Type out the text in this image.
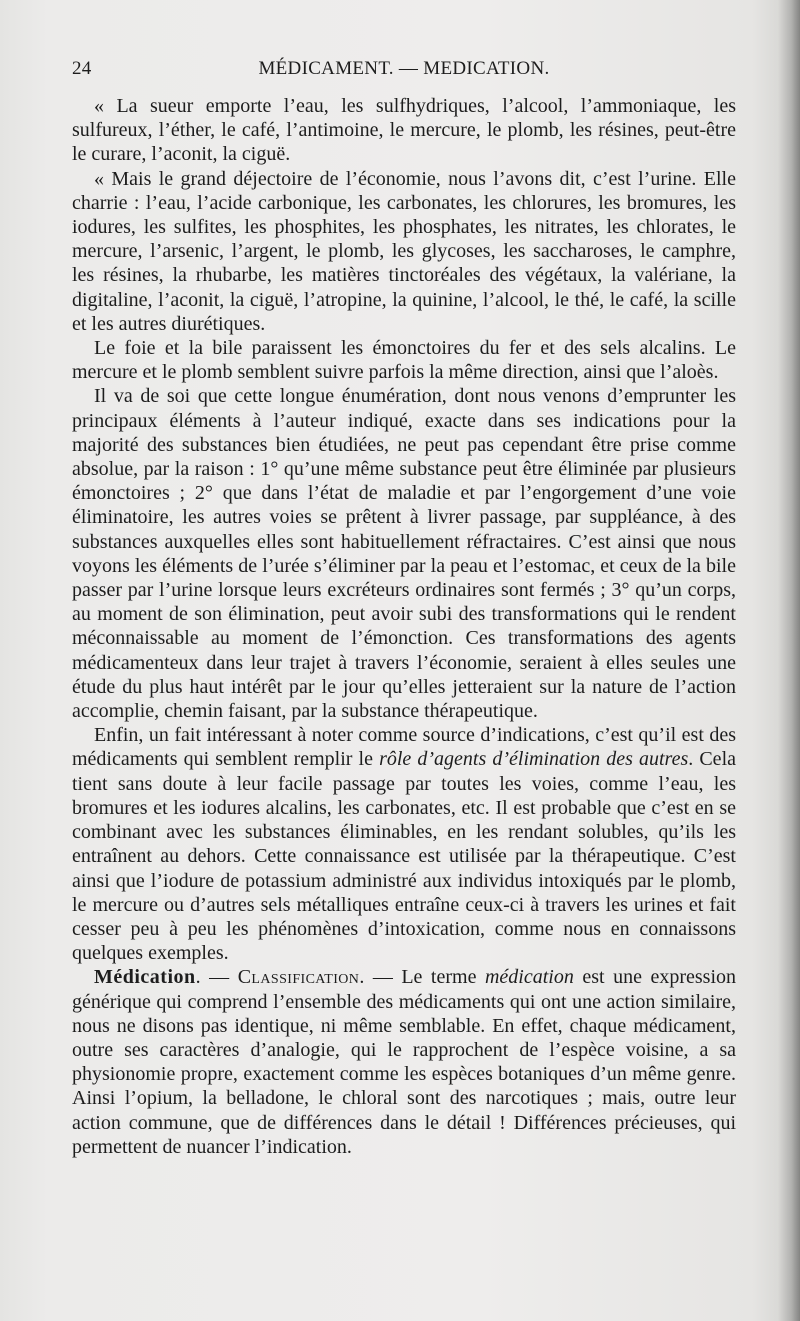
24	MÉDICAMENT. — MEDICATION.

« La sueur emporte l’eau, les sulfhydriques, l’alcool, l’ammoniaque, les sulfureux, l’éther, le café, l’antimoine, le mercure, le plomb, les résines, peut-être le curare, l’aconit, la ciguë.

« Mais le grand déjectoire de l’économie, nous l’avons dit, c’est l’urine. Elle charrie : l’eau, l’acide carbonique, les carbonates, les chlorures, les bromures, les iodures, les sulfites, les phosphites, les phosphates, les nitrates, les chlorates, le mercure, l’arsenic, l’argent, le plomb, les glycoses, les saccharoses, le camphre, les résines, la rhubarbe, les matières tinctoréales des végétaux, la valériane, la digitaline, l’aconit, la ciguë, l’atropine, la quinine, l’alcool, le thé, le café, la scille et les autres diurétiques.

Le foie et la bile paraissent les émonctoires du fer et des sels alcalins. Le mercure et le plomb semblent suivre parfois la même direction, ainsi que l’aloès.

Il va de soi que cette longue énumération, dont nous venons d’emprunter les principaux éléments à l’auteur indiqué, exacte dans ses indications pour la majorité des substances bien étudiées, ne peut pas cependant être prise comme absolue, par la raison : 1° qu’une même substance peut être éliminée par plusieurs émonctoires ; 2° que dans l’état de maladie et par l’engorgement d’une voie éliminatoire, les autres voies se prêtent à livrer passage, par suppléance, à des substances auxquelles elles sont habituellement réfractaires. C’est ainsi que nous voyons les éléments de l’urée s’éliminer par la peau et l’estomac, et ceux de la bile passer par l’urine lorsque leurs excréteurs ordinaires sont fermés ; 3° qu’un corps, au moment de son élimination, peut avoir subi des transformations qui le rendent méconnaissable au moment de l’émonction. Ces transformations des agents médicamenteux dans leur trajet à travers l’économie, seraient à elles seules une étude du plus haut intérêt par le jour qu’elles jetteraient sur la nature de l’action accomplie, chemin faisant, par la substance thérapeutique.

Enfin, un fait intéressant à noter comme source d’indications, c’est qu’il est des médicaments qui semblent remplir le rôle d’agents d’élimination des autres. Cela tient sans doute à leur facile passage par toutes les voies, comme l’eau, les bromures et les iodures alcalins, les carbonates, etc. Il est probable que c’est en se combinant avec les substances éliminables, en les rendant solubles, qu’ils les entraînent au dehors. Cette connaissance est utilisée par la thérapeutique. C’est ainsi que l’iodure de potassium administré aux individus intoxiqués par le plomb, le mercure ou d’autres sels métalliques entraîne ceux-ci à travers les urines et fait cesser peu à peu les phénomènes d’intoxication, comme nous en connaissons quelques exemples.

Médication. — Classification. — Le terme médication est une expression générique qui comprend l’ensemble des médicaments qui ont une action similaire, nous ne disons pas identique, ni même semblable. En effet, chaque médicament, outre ses caractères d’analogie, qui le rapprochent de l’espèce voisine, a sa physionomie propre, exactement comme les espèces botaniques d’un même genre. Ainsi l’opium, la belladone, le chloral sont des narcotiques ; mais, outre leur action commune, que de différences dans le détail ! Différences précieuses, qui permettent de nuancer l’indication.
